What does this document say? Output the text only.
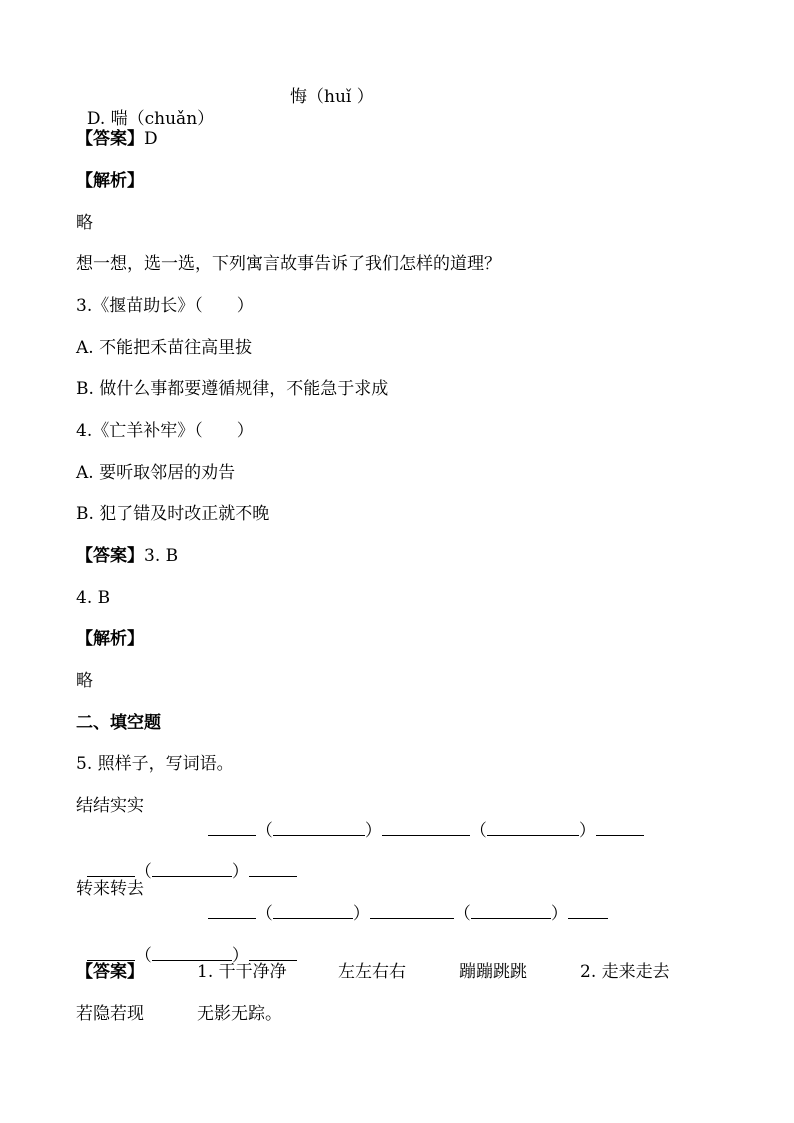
D. 喘（chuǎn）

悔（huǐ ）
【答案】D
【解析】
略
想一想，选一选，下列寓言故事告诉了我们怎样的道理？
3.《揠苗助长》（　　）
A. 不能把禾苗往高里拔
B. 做什么事都要遵循规律，不能急于求成
4.《亡羊补牢》（　　）
A. 要听取邻居的劝告
B. 犯了错及时改正就不晚
【答案】3. B
4. B
【解析】
略
二、填空题
5. 照样子，写词语。
结结实实

（	）	（	）

（	）

转来转去

（	）	（	）

（	）

【答案】	1. 干干净净	左左右右	蹦蹦跳跳	2. 走来走去
若隐若现	无影无踪。
